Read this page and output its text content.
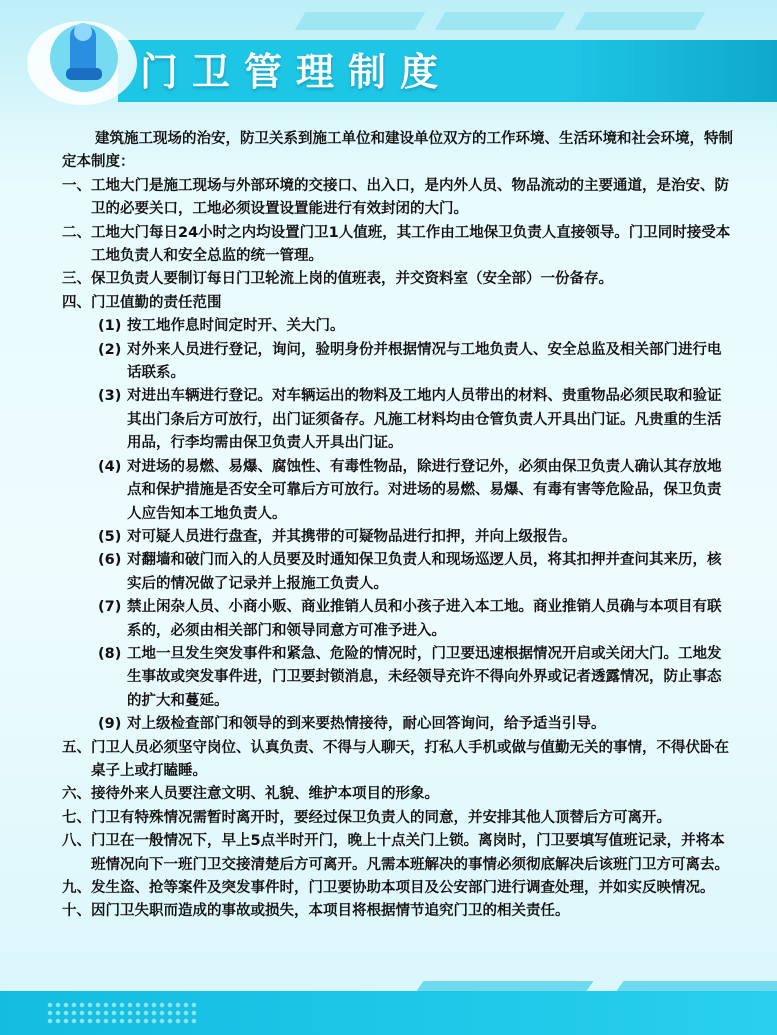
门卫管理制度

建筑施工现场的治安，防卫关系到施工单位和建设单位双方的工作环境、生活环境和社会环境，特制定本制度：

一、 工地大门是施工现场与外部环境的交接口、出入口，是内外人员、物品流动的主要通道，是治安、防卫的必要关口，工地必须设置设置能进行有效封闭的大门。
二、 工地大门每日24小时之内均设置门卫1人值班，其工作由工地保卫负责人直接领导。门卫同时接受本工地负责人和安全总监的统一管理。
三、 保卫负责人要制订每日门卫轮流上岗的值班表，并交资料室（安全部）一份备存。
四、 门卫值勤的责任范围
(1) 按工地作息时间定时开、关大门。
(2) 对外来人员进行登记，询问，验明身份并根据情况与工地负责人、安全总监及相关部门进行电话联系。
(3) 对进出车辆进行登记。对车辆运出的物料及工地内人员带出的材料、贵重物品必须民取和验证其出门条后方可放行，出门证须备存。凡施工材料均由仓管负责人开具出门证。凡贵重的生活用品，行李均需由保卫负责人开具出门证。
(4) 对进场的易燃、易爆、腐蚀性、有毒性物品，除进行登记外，必须由保卫负责人确认其存放地点和保护措施是否安全可靠后方可放行。对进场的易燃、易爆、有毒有害等危险品，保卫负责人应告知本工地负责人。
(5) 对可疑人员进行盘查，并其携带的可疑物品进行扣押，并向上级报告。
(6) 对翻墙和破门而入的人员要及时通知保卫负责人和现场巡逻人员，将其扣押并查问其来历，核实后的情况做了记录并上报施工负责人。
(7) 禁止闲杂人员、小商小贩、商业推销人员和小孩子进入本工地。商业推销人员确与本项目有联系的，必须由相关部门和领导同意方可准予进入。
(8) 工地一旦发生突发事件和紧急、危险的情况时，门卫要迅速根据情况开启或关闭大门。工地发生事故或突发事件进，门卫要封锁消息，未经领导充许不得向外界或记者透露情况，防止事态的扩大和蔓延。
(9) 对上级检查部门和领导的到来要热情接待，耐心回答询问，给予适当引导。
五、 门卫人员必须坚守岗位、认真负责、不得与人聊天，打私人手机或做与值勤无关的事情，不得伏卧在桌子上或打瞌睡。
六、 接待外来人员要注意文明、礼貌、维护本项目的形象。
七、 门卫有特殊情况需暂时离开时，要经过保卫负责人的同意，并安排其他人顶替后方可离开。
八、 门卫在一般情况下，早上5点半时开门，晚上十点关门上锁。离岗时，门卫要填写值班记录，并将本班情况向下一班门卫交接清楚后方可离开。凡需本班解决的事情必须彻底解决后该班门卫方可离去。
九、 发生盗、抢等案件及突发事件时，门卫要协助本项目及公安部门进行调查处理，并如实反映情况。
十、 因门卫失职而造成的事故或损失，本项目将根据情节追究门卫的相关责任。
